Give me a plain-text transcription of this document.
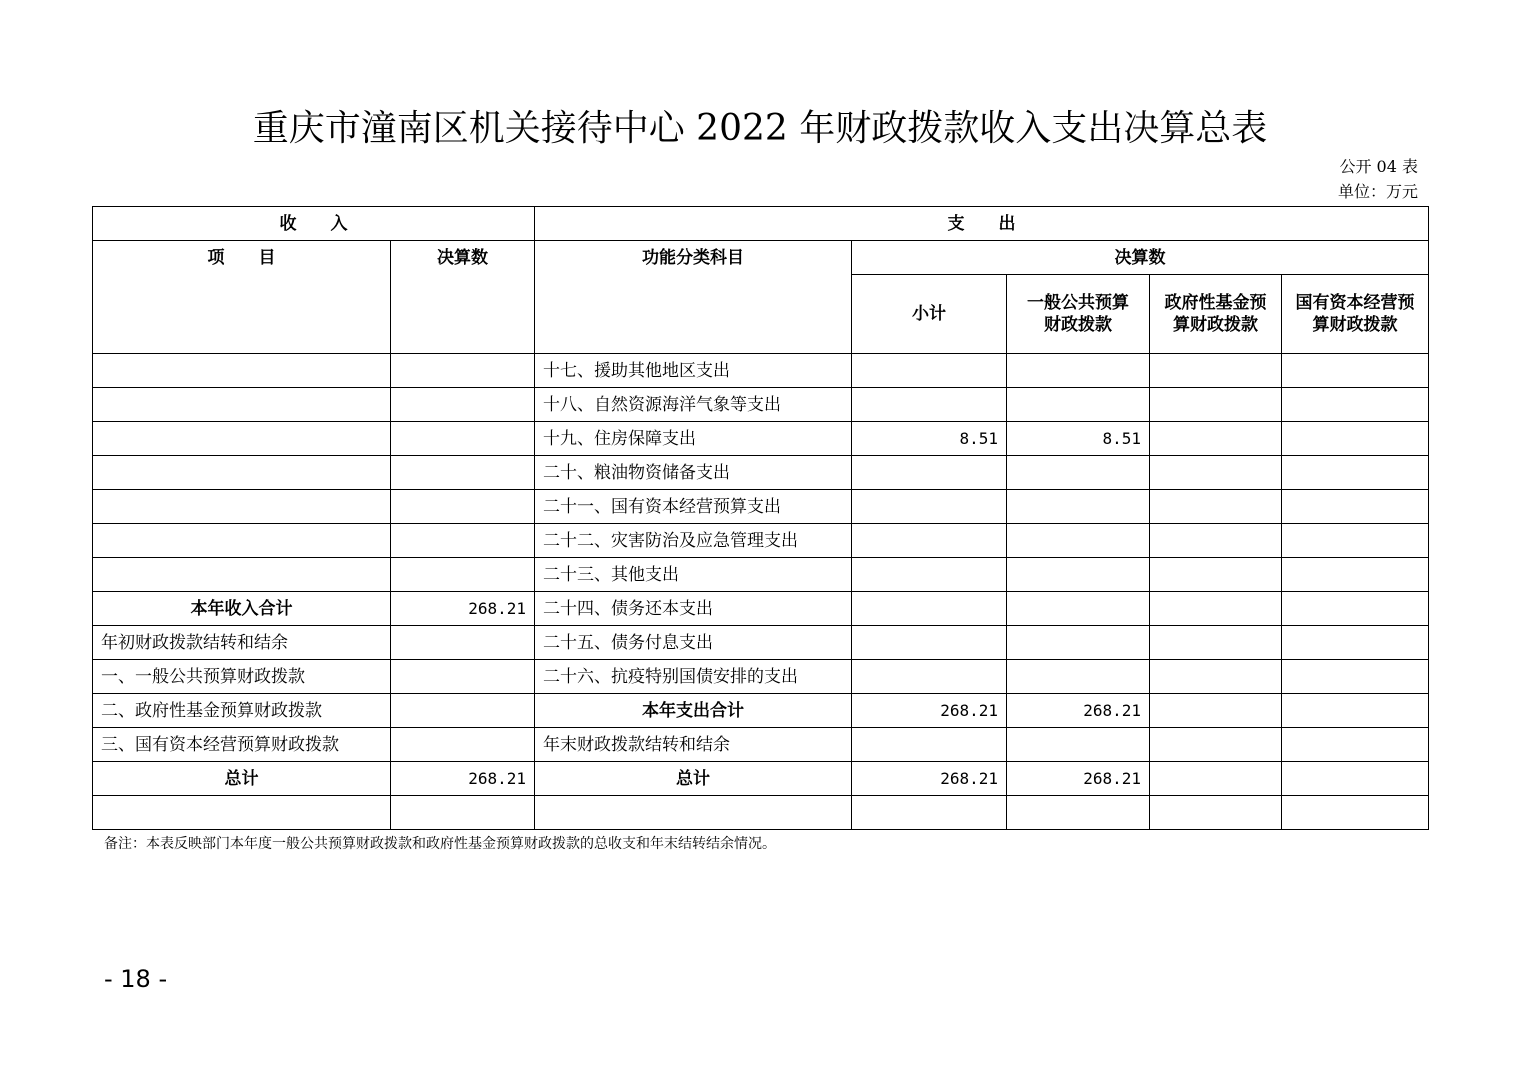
重庆市潼南区机关接待中心 2022 年财政拨款收入支出决算总表
公开 04 表
单位：万元
收　　入		支　　出				
项　　目	决算数	功能分类科目	决算数			
			小计	一般公共预算财政拨款	政府性基金预算财政拨款	国有资本经营预算财政拨款
		十七、援助其他地区支出				
		十八、自然资源海洋气象等支出				
		十九、住房保障支出	8.51	8.51		
		二十、粮油物资储备支出				
		二十一、国有资本经营预算支出				
		二十二、灾害防治及应急管理支出				
		二十三、其他支出				
本年收入合计	268.21	二十四、债务还本支出				
年初财政拨款结转和结余		二十五、债务付息支出				
一、一般公共预算财政拨款		二十六、抗疫特别国债安排的支出				
二、政府性基金预算财政拨款		本年支出合计	268.21	268.21		
三、国有资本经营预算财政拨款		年末财政拨款结转和结余				
总计	268.21	总计	268.21	268.21		

备注：本表反映部门本年度一般公共预算财政拨款和政府性基金预算财政拨款的总收支和年末结转结余情况。
- 18 -
